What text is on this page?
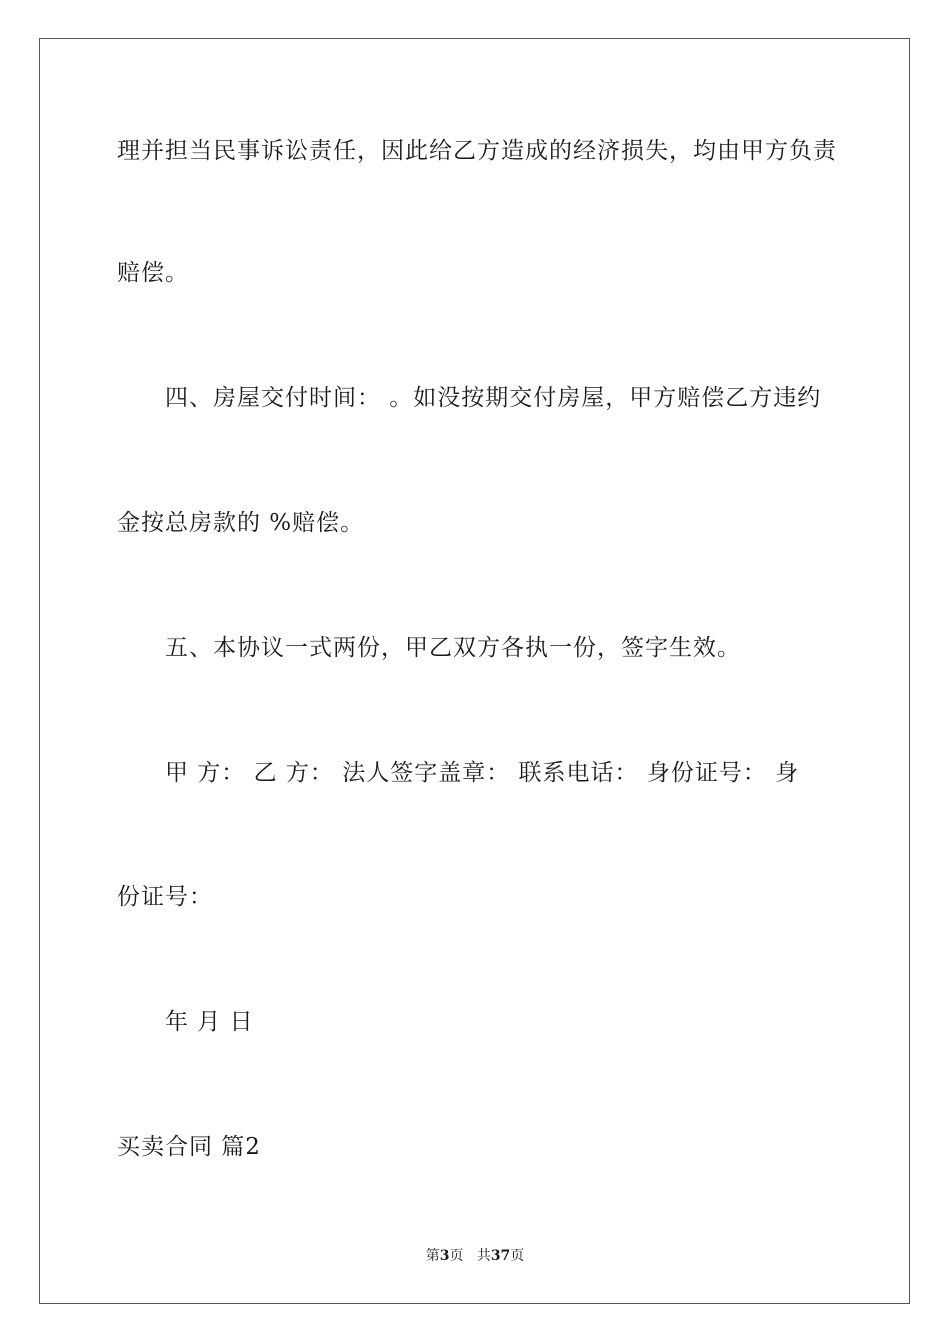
理并担当民事诉讼责任，因此给乙方造成的经济损失，均由甲方负责
赔偿。
四、房屋交付时间： 。如没按期交付房屋，甲方赔偿乙方违约
金按总房款的 %赔偿。
五、本协议一式两份，甲乙双方各执一份，签字生效。
甲 方： 乙 方： 法人签字盖章： 联系电话： 身份证号： 身
份证号：
年 月 日
买卖合同 篇2
第3页 共37页
